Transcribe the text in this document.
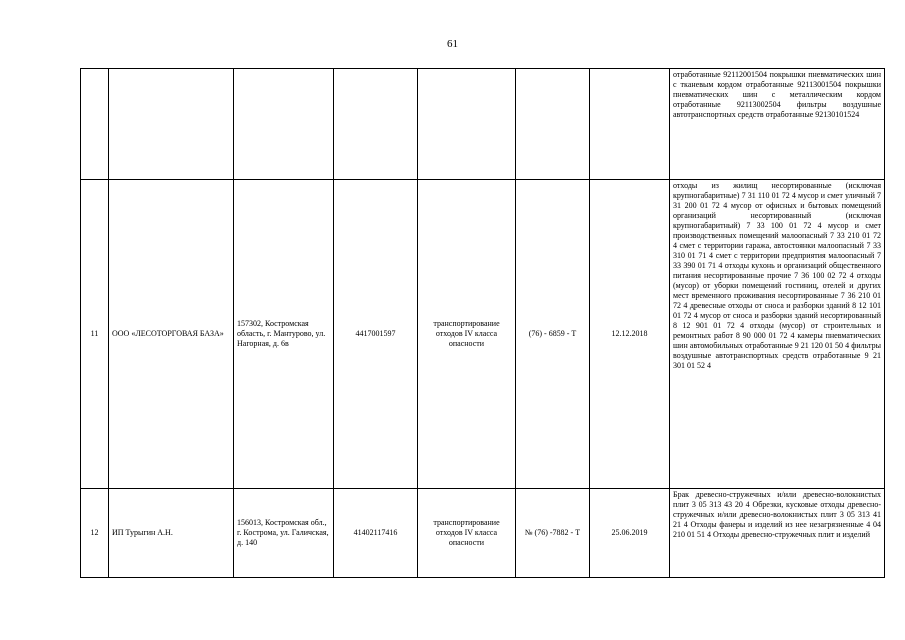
61
							отработанные 92112001504 покрышки пневматических шин с тканевым кордом отработанные 92113001504 покрышки пневматических шин с металлическим кордом отработанные 92113002504 фильтры воздушные автотранспортных средств отработанные 92130101524
11	ООО «ЛЕСОТОРГОВАЯ БАЗА»	157302, Костромская область, г. Мантурово, ул. Нагорная, д. 6в	4417001597	транспортирование отходов IV класса опасности	(76) - 6859 - Т	12.12.2018	отходы из жилищ несортированные (исключая крупногабаритные) 7 31 110 01 72 4 мусор и смет уличный 7 31 200 01 72 4 мусор от офисных и бытовых помещений организаций несортированный (исключая крупногабаритный) 7 33 100 01 72 4 мусор и смет производственных помещений малоопасный 7 33 210 01 72 4 смет с территории гаража, автостоянки малоопасный 7 33 310 01 71 4 смет с территории предприятия малоопасный 7 33 390 01 71 4 отходы кухонь и организаций общественного питания несортированные прочие 7 36 100 02 72 4 отходы (мусор) от уборки помещений гостиниц, отелей и других мест временного проживания несортированные 7 36 210 01 72 4 древесные отходы от сноса и разборки зданий 8 12 101 01 72 4 мусор от сноса и разборки зданий несортированный 8 12 901 01 72 4 отходы (мусор) от строительных и ремонтных работ 8 90 000 01 72 4 камеры пневматических шин автомобильных отработанные 9 21 120 01 50 4 фильтры воздушные автотранспортных средств отработанные 9 21 301 01 52 4
12	ИП Турыгин А.Н.	156013, Костромская обл., г. Кострома, ул. Галичская, д. 140	41402117416	транспортирование отходов IV класса опасности	№ (76) -7882 - Т	25.06.2019	Брак древесно-стружечных и/или древесно-волокнистых плит 3 05 313 43 20 4 Обрезки, кусковые отходы древесно-стружечных и/или древесно-волокнистых плит 3 05 313 41 21 4 Отходы фанеры и изделий из нее незагрязненные 4 04 210 01 51 4 Отходы древесно-стружечных плит и изделий
